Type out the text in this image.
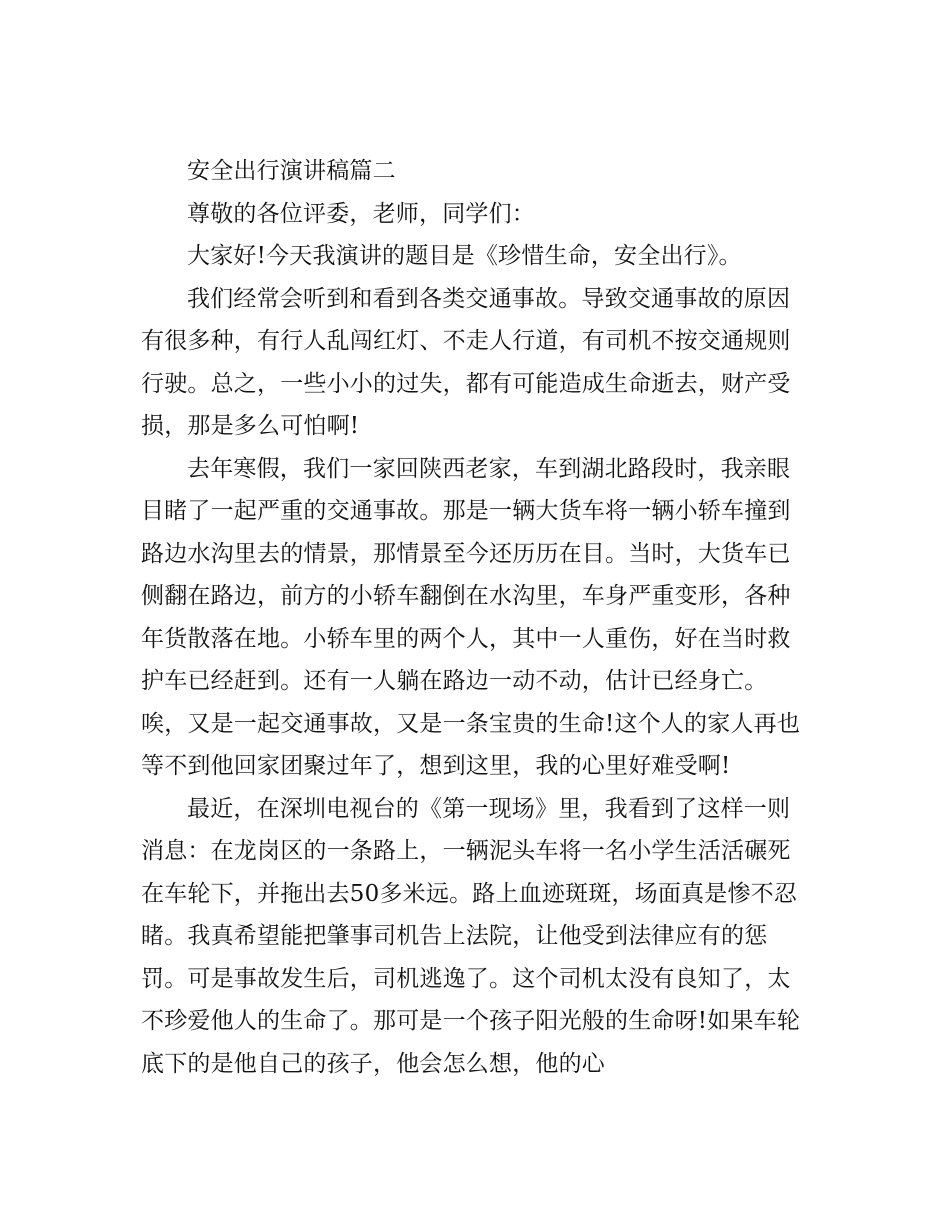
安全出行演讲稿篇二

尊敬的各位评委，老师，同学们：

大家好!今天我演讲的题目是《珍惜生命，安全出行》。

我们经常会听到和看到各类交通事故。导致交通事故的原因有很多种，有行人乱闯红灯、不走人行道，有司机不按交通规则行驶。总之，一些小小的过失，都有可能造成生命逝去，财产受损，那是多么可怕啊!

去年寒假，我们一家回陕西老家，车到湖北路段时，我亲眼目睹了一起严重的交通事故。那是一辆大货车将一辆小轿车撞到路边水沟里去的情景，那情景至今还历历在目。当时，大货车已侧翻在路边，前方的小轿车翻倒在水沟里，车身严重变形，各种年货散落在地。小轿车里的两个人，其中一人重伤，好在当时救护车已经赶到。还有一人躺在路边一动不动，估计已经身亡。唉，又是一起交通事故，又是一条宝贵的生命!这个人的家人再也等不到他回家团聚过年了，想到这里，我的心里好难受啊!

最近，在深圳电视台的《第一现场》里，我看到了这样一则消息：在龙岗区的一条路上，一辆泥头车将一名小学生活活碾死在车轮下，并拖出去50多米远。路上血迹斑斑，场面真是惨不忍睹。我真希望能把肇事司机告上法院，让他受到法律应有的惩罚。可是事故发生后，司机逃逸了。这个司机太没有良知了，太不珍爱他人的生命了。那可是一个孩子阳光般的生命呀!如果车轮底下的是他自己的孩子，他会怎么想，他的心
